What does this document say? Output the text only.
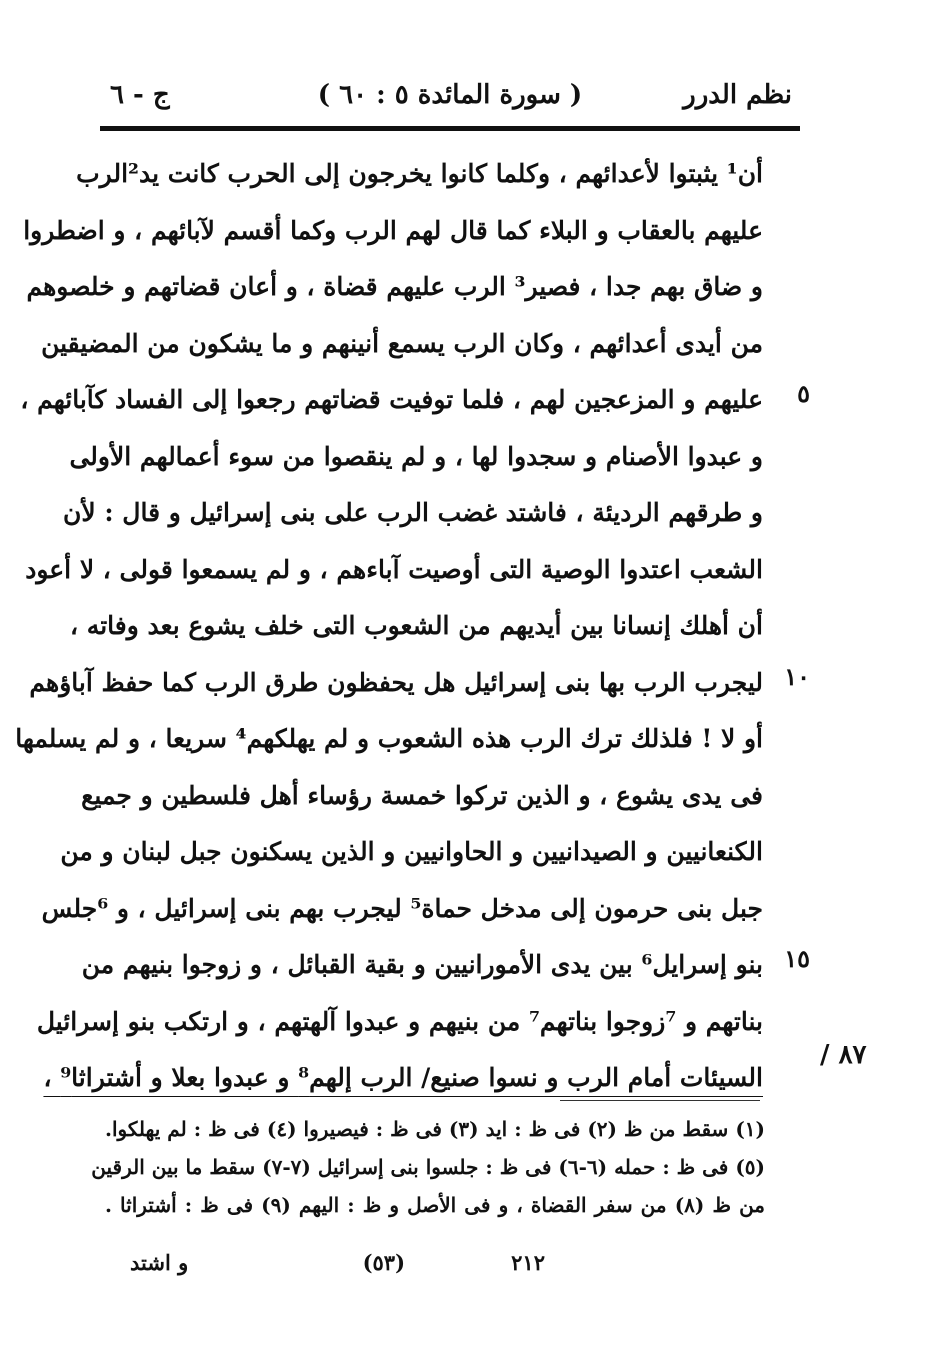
نظم الدرر
( سورة المائدة ٥ : ٦٠ )
ج - ٦
أن¹ يثبتوا لأعدائهم ، وكلما كانوا يخرجون إلى الحرب كانت يد²الرب
عليهم بالعقاب و البلاء كما قال لهم الرب وكما أقسم لآبائهم ، و اضطروا
و ضاق بهم جدا ، فصير³ الرب عليهم قضاة ، و أعان قضاتهم و خلصوهم
من أيدى أعدائهم ، وكان الرب يسمع أنينهم و ما يشكون من المضيقين
عليهم و المزعجين لهم ، فلما توفيت قضاتهم رجعوا إلى الفساد كآبائهم ،
و عبدوا الأصنام و سجدوا لها ، و لم ينقصوا من سوء أعمالهم الأولى
و طرقهم الرديئة ، فاشتد غضب الرب على بنى إسرائيل و قال : لأن
الشعب اعتدوا الوصية التى أوصيت آباءهم ، و لم يسمعوا قولى ، لا أعود
أن أهلك إنسانا بين أيديهم من الشعوب التى خلف يشوع بعد وفاته ،
ليجرب الرب بها بنى إسرائيل هل يحفظون طرق الرب كما حفظ آباؤهم
أو لا ! فلذلك ترك الرب هذه الشعوب و لم يهلكهم⁴ سريعا ، و لم يسلمها
فى يدى يشوع ، و الذين تركوا خمسة رؤساء أهل فلسطين و جميع
الكنعانيين و الصيدانيين و الحاوانيين و الذين يسكنون جبل لبنان و من
جبل بنى حرمون إلى مدخل حماة⁵ ليجرب بهم بنى إسرائيل ، و ⁶جلس
بنو إسرايل⁶ بين يدى الأمورانيين و بقية القبائل ، و زوجوا بنيهم من
بناتهم و ⁷زوجوا بناتهم⁷ من بنيهم و عبدوا آلهتهم ، و ارتكب بنو إسرائيل
السيئات أمام الرب و نسوا صنيع/ الرب إلهم⁸ و عبدوا بعلا و أشتراثا⁹ ،
٥
١٠
١٥
٨٧ /
(١) سقط من ظ (٢) فى ظ : ايد (٣) فى ظ : فيصيروا (٤) فى ظ : لم يهلكوا.
(٥) فى ظ : حمله (٦-٦) فى ظ : جلسوا بنى إسرائيل (٧-٧) سقط ما بين الرقين
من ظ (٨) من سفر القضاة ، و فى الأصل و ظ : اليهم (٩) فى ظ : أشتراثا .
٢١٢
(٥٣)
و اشتد
